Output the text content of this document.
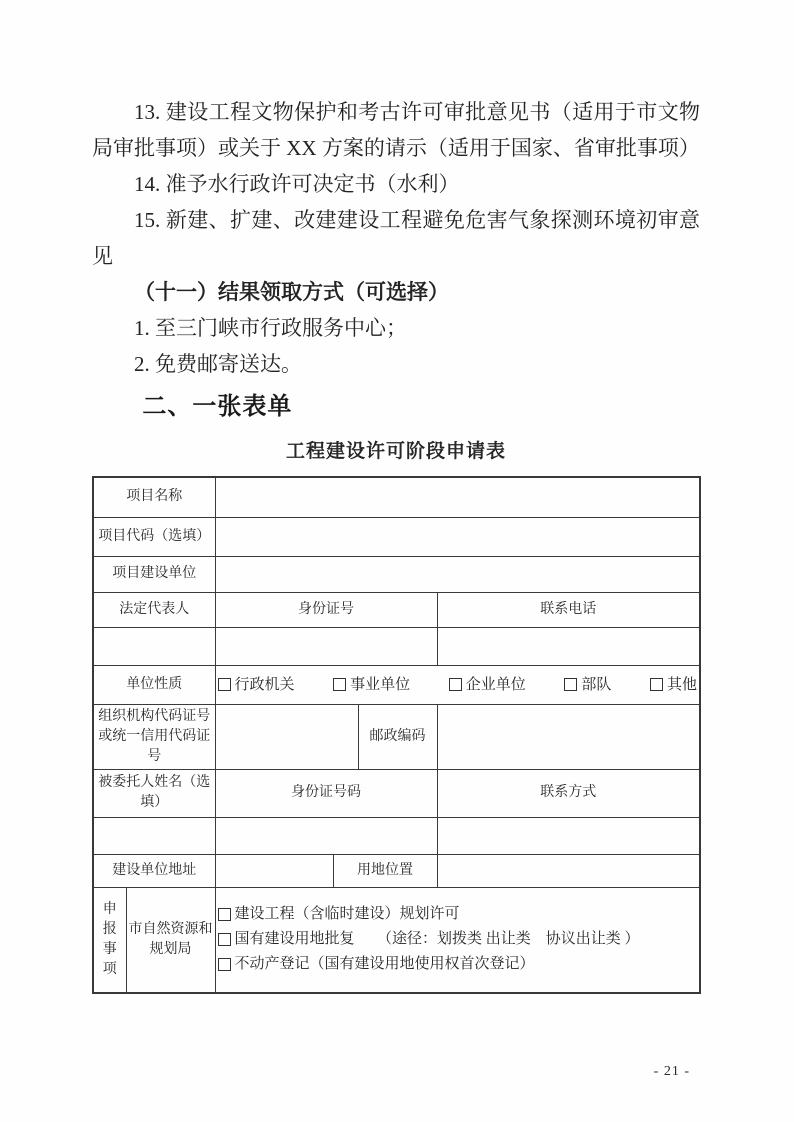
13. 建设工程文物保护和考古许可审批意见书（适用于市文物局审批事项）或关于 XX 方案的请示（适用于国家、省审批事项）

14. 准予水行政许可决定书（水利）

15. 新建、扩建、改建建设工程避免危害气象探测环境初审意见

（十一）结果领取方式（可选择）

1. 至三门峡市行政服务中心；

2. 免费邮寄送达。

二、一张表单
工程建设许可阶段申请表
项目名称					
项目代码（选填）					
项目建设单位					
法定代表人		身份证号			联系电话

单位性质		行政机关 事业单位 企业单位 部队 其他			

组织机构代码证号或统一信用代码证号				邮政编码	
被委托人姓名（选填）		身份证号码			联系方式

建设单位地址			用地位置		
申报事项	市自然资源和规划局	建设工程（含临时建设）规划许可
国有建设用地批复　　（途径：划拨类 出让类　协议出让类 ）
不动产登记（国有建设用地使用权首次登记）			
- 21 -
